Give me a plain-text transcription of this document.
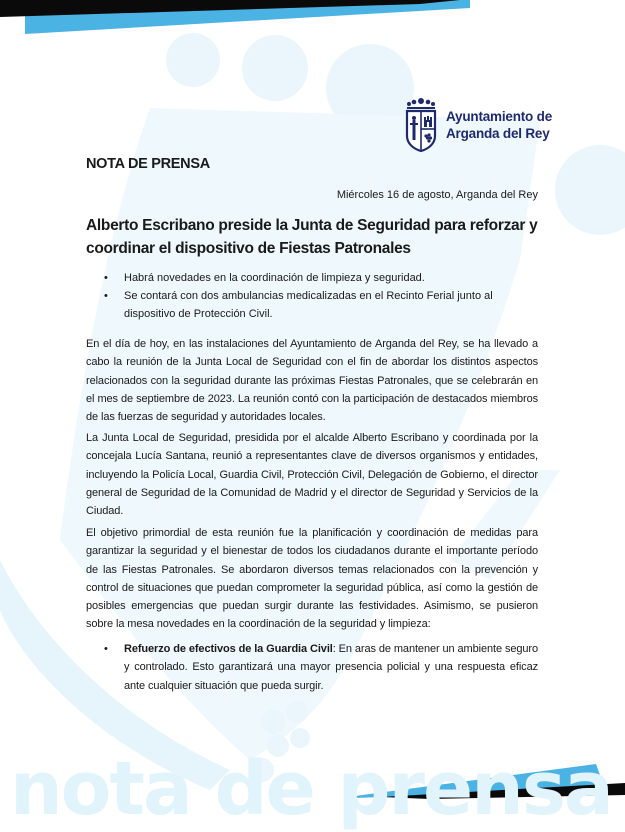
Ayuntamiento de
Arganda del Rey
NOTA DE PRENSA
Miércoles 16 de agosto, Arganda del Rey
Alberto Escribano preside la Junta de Seguridad para reforzar y coordinar el dispositivo de Fiestas Patronales
• Habrá novedades en la coordinación de limpieza y seguridad.
• Se contará con dos ambulancias medicalizadas en el Recinto Ferial junto al dispositivo de Protección Civil.

En el día de hoy, en las instalaciones del Ayuntamiento de Arganda del Rey, se ha llevado a cabo la reunión de la Junta Local de Seguridad con el fin de abordar los distintos aspectos relacionados con la seguridad durante las próximas Fiestas Patronales, que se celebrarán en el mes de septiembre de 2023. La reunión contó con la participación de destacados miembros de las fuerzas de seguridad y autoridades locales.

La Junta Local de Seguridad, presidida por el alcalde Alberto Escribano y coordinada por la concejala Lucía Santana, reunió a representantes clave de diversos organismos y entidades, incluyendo la Policía Local, Guardia Civil, Protección Civil, Delegación de Gobierno, el director general de Seguridad de la Comunidad de Madrid y el director de Seguridad y Servicios de la Ciudad.

El objetivo primordial de esta reunión fue la planificación y coordinación de medidas para garantizar la seguridad y el bienestar de todos los ciudadanos durante el importante período de las Fiestas Patronales. Se abordaron diversos temas relacionados con la prevención y control de situaciones que puedan comprometer la seguridad pública, así como la gestión de posibles emergencias que puedan surgir durante las festividades. Asimismo, se pusieron sobre la mesa novedades en la coordinación de la seguridad y limpieza:

• Refuerzo de efectivos de la Guardia Civil: En aras de mantener un ambiente seguro y controlado. Esto garantizará una mayor presencia policial y una respuesta eficaz ante cualquier situación que pueda surgir.
nota de prensa
